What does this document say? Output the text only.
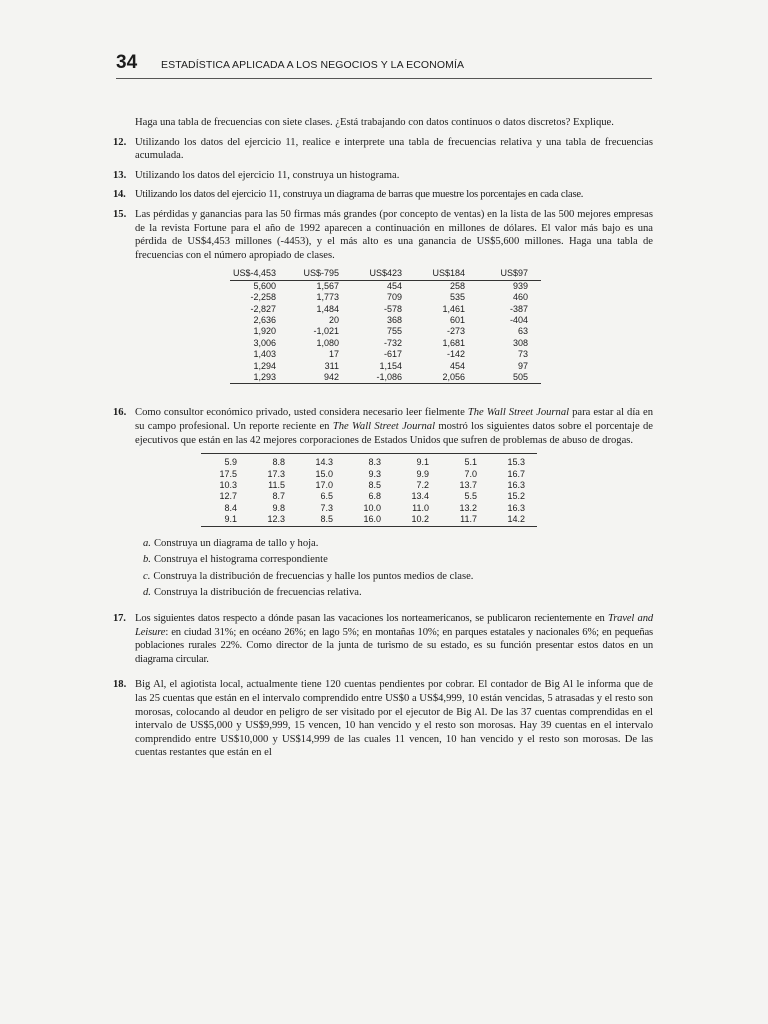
34 ESTADÍSTICA APLICADA A LOS NEGOCIOS Y LA ECONOMÍA

Haga una tabla de frecuencias con siete clases. ¿Está trabajando con datos continuos o datos discretos? Explique.

12. Utilizando los datos del ejercicio 11, realice e interprete una tabla de frecuencias relativa y una tabla de frecuencias acumulada.
13. Utilizando los datos del ejercicio 11, construya un histograma.
14. Utilizando los datos del ejercicio 11, construya un diagrama de barras que muestre los porcentajes en cada clase.
15. Las pérdidas y ganancias para las 50 firmas más grandes (por concepto de ventas) en la lista de las 500 mejores empresas de la revista Fortune para el año de 1992 aparecen a continuación en millones de dólares. El valor más bajo es una pérdida de US$4,453 millones (-4453), y el más alto es una ganancia de US$5,600 millones. Haga una tabla de frecuencias con el número apropiado de clases.
US$-4,453	US$-795	US$423	US$184	US$97
5,600	1,567	454	258	939
-2,258	1,773	709	535	460
-2,827	1,484	-578	1,461	-387
2,636	20	368	601	-404
1,920	-1,021	755	-273	63
3,006	1,080	-732	1,681	308
1,403	17	-617	-142	73
1,294	311	1,154	454	97
1,293	942	-1,086	2,056	505
16. Como consultor económico privado, usted considera necesario leer fielmente The Wall Street Journal para estar al día en su campo profesional. Un reporte reciente en The Wall Street Journal mostró los siguientes datos sobre el porcentaje de ejecutivos que están en las 42 mejores corporaciones de Estados Unidos que sufren de problemas de abuso de drogas.
5.9	8.8	14.3	8.3	9.1	5.1	15.3
17.5	17.3	15.0	9.3	9.9	7.0	16.7
10.3	11.5	17.0	8.5	7.2	13.7	16.3
12.7	8.7	6.5	6.8	13.4	5.5	15.2
8.4	9.8	7.3	10.0	11.0	13.2	16.3
9.1	12.3	8.5	16.0	10.2	11.7	14.2

a. Construya un diagrama de tallo y hoja.

b. Construya el histograma correspondiente

c. Construya la distribución de frecuencias y halle los puntos medios de clase.

d. Construya la distribución de frecuencias relativa.

17. Los siguientes datos respecto a dónde pasan las vacaciones los norteamericanos, se publicaron recientemente en Travel and Leisure: en ciudad 31%; en océano 26%; en lago 5%; en montañas 10%; en parques estatales y nacionales 6%; en pequeñas poblaciones rurales 22%. Como director de la junta de turismo de su estado, es su función presentar estos datos en un diagrama circular.
18. Big Al, el agiotista local, actualmente tiene 120 cuentas pendientes por cobrar. El contador de Big Al le informa que de las 25 cuentas que están en el intervalo comprendido entre US$0 a US$4,999, 10 están vencidas, 5 atrasadas y el resto son morosas, colocando al deudor en peligro de ser visitado por el ejecutor de Big Al. De las 37 cuentas comprendidas en el intervalo de US$5,000 y US$9,999, 15 vencen, 10 han vencido y el resto son morosas. Hay 39 cuentas en el intervalo comprendido entre US$10,000 y US$14,999 de las cuales 11 vencen, 10 han vencido y el resto son morosas. De las cuentas restantes que están en el
